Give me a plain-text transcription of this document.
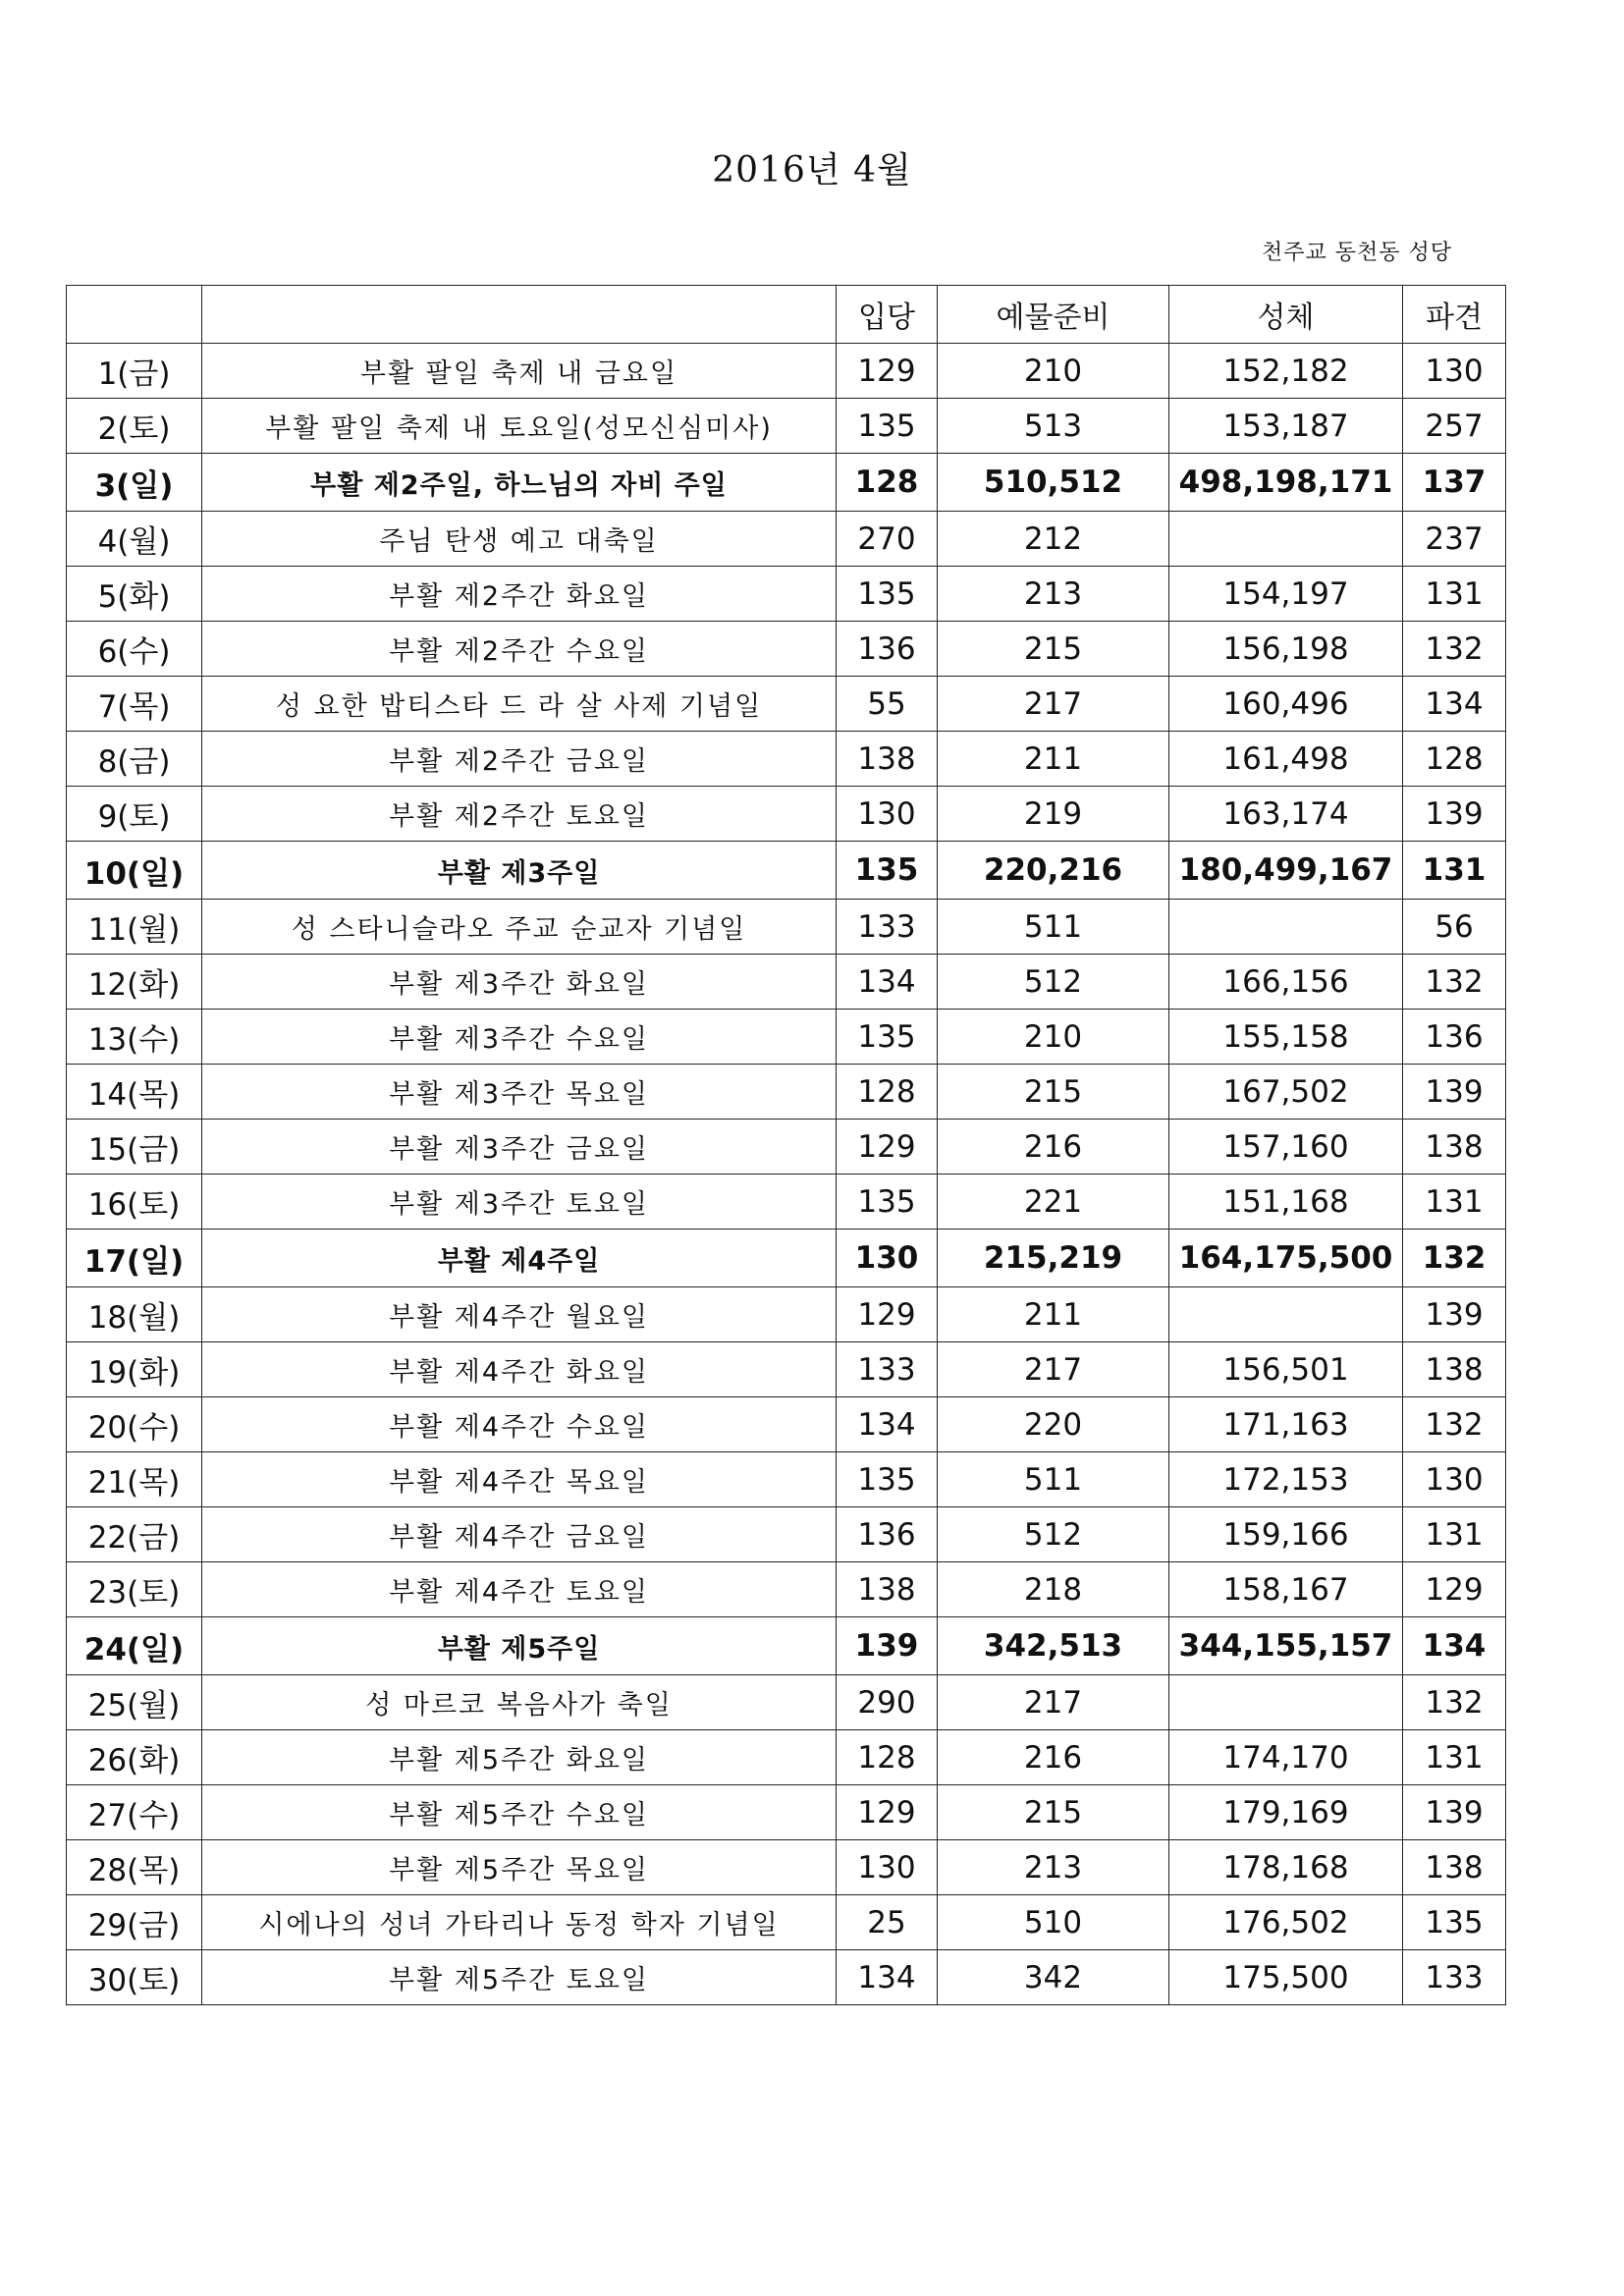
2016년 4월
천주교 동천동 성당
		입당	예물준비	성체	파견
1(금)	부활 팔일 축제 내 금요일	129	210	152,182	130
2(토)	부활 팔일 축제 내 토요일(성모신심미사)	135	513	153,187	257
3(일)	부활 제2주일, 하느님의 자비 주일	128	510,512	498,198,171	137
4(월)	주님 탄생 예고 대축일	270	212		237
5(화)	부활 제2주간 화요일	135	213	154,197	131
6(수)	부활 제2주간 수요일	136	215	156,198	132
7(목)	성 요한 밥티스타 드 라 살 사제 기념일	55	217	160,496	134
8(금)	부활 제2주간 금요일	138	211	161,498	128
9(토)	부활 제2주간 토요일	130	219	163,174	139
10(일)	부활 제3주일	135	220,216	180,499,167	131
11(월)	성 스타니슬라오 주교 순교자 기념일	133	511		56
12(화)	부활 제3주간 화요일	134	512	166,156	132
13(수)	부활 제3주간 수요일	135	210	155,158	136
14(목)	부활 제3주간 목요일	128	215	167,502	139
15(금)	부활 제3주간 금요일	129	216	157,160	138
16(토)	부활 제3주간 토요일	135	221	151,168	131
17(일)	부활 제4주일	130	215,219	164,175,500	132
18(월)	부활 제4주간 월요일	129	211		139
19(화)	부활 제4주간 화요일	133	217	156,501	138
20(수)	부활 제4주간 수요일	134	220	171,163	132
21(목)	부활 제4주간 목요일	135	511	172,153	130
22(금)	부활 제4주간 금요일	136	512	159,166	131
23(토)	부활 제4주간 토요일	138	218	158,167	129
24(일)	부활 제5주일	139	342,513	344,155,157	134
25(월)	성 마르코 복음사가 축일	290	217		132
26(화)	부활 제5주간 화요일	128	216	174,170	131
27(수)	부활 제5주간 수요일	129	215	179,169	139
28(목)	부활 제5주간 목요일	130	213	178,168	138
29(금)	시에나의 성녀 가타리나 동정 학자 기념일	25	510	176,502	135
30(토)	부활 제5주간 토요일	134	342	175,500	133
